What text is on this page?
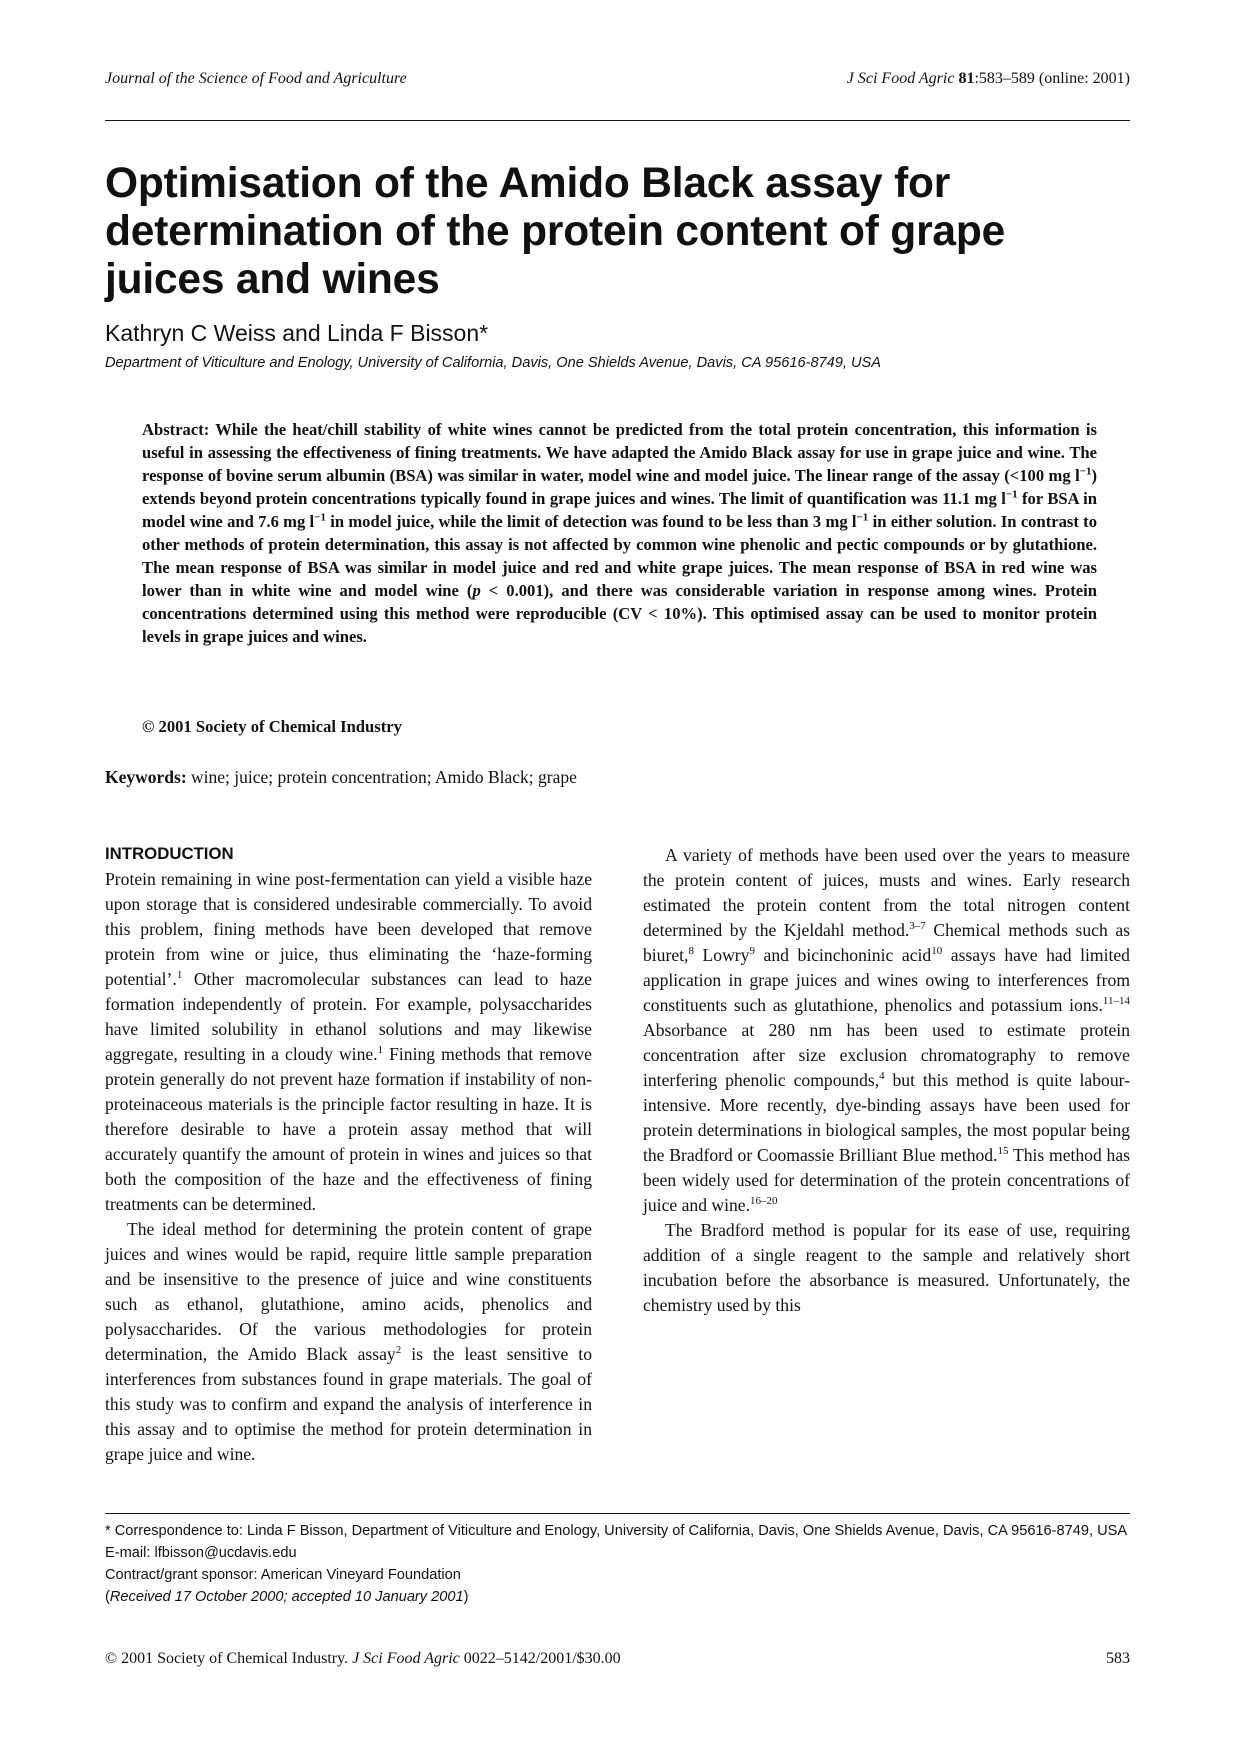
Journal of the Science of Food and Agriculture	J Sci Food Agric 81:583–589 (online: 2001)
Optimisation of the Amido Black assay for determination of the protein content of grape juices and wines
Kathryn C Weiss and Linda F Bisson*
Department of Viticulture and Enology, University of California, Davis, One Shields Avenue, Davis, CA 95616-8749, USA

Abstract: While the heat/chill stability of white wines cannot be predicted from the total protein concentration, this information is useful in assessing the effectiveness of fining treatments. We have adapted the Amido Black assay for use in grape juice and wine. The response of bovine serum albumin (BSA) was similar in water, model wine and model juice. The linear range of the assay (<100 mg $l^{-1}$) extends beyond protein concentrations typically found in grape juices and wines. The limit of quantification was 11.1 mg $l^{-1}$ for BSA in model wine and 7.6 mg $l^{-1}$ in model juice, while the limit of detection was found to be less than 3 mg $l^{-1}$ in either solution. In contrast to other methods of protein determination, this assay is not affected by common wine phenolic and pectic compounds or by glutathione. The mean response of BSA was similar in model juice and red and white grape juices. The mean response of BSA in red wine was lower than in white wine and model wine (p < 0.001), and there was considerable variation in response among wines. Protein concentrations determined using this method were reproducible (CV < 10%). This optimised assay can be used to monitor protein levels in grape juices and wines.

© 2001 Society of Chemical Industry
Keywords: wine; juice; protein concentration; Amido Black; grape
INTRODUCTION

Protein remaining in wine post-fermentation can yield a visible haze upon storage that is considered undesirable commercially. To avoid this problem, fining methods have been developed that remove protein from wine or juice, thus eliminating the ‘haze-forming potential’.$^1$ Other macromolecular substances can lead to haze formation independently of protein. For example, polysaccharides have limited solubility in ethanol solutions and may likewise aggregate, resulting in a cloudy wine.$^1$ Fining methods that remove protein generally do not prevent haze formation if instability of non-proteinaceous materials is the principle factor resulting in haze. It is therefore desirable to have a protein assay method that will accurately quantify the amount of protein in wines and juices so that both the composition of the haze and the effectiveness of fining treatments can be determined.

The ideal method for determining the protein content of grape juices and wines would be rapid, require little sample preparation and be insensitive to the presence of juice and wine constituents such as ethanol, glutathione, amino acids, phenolics and polysaccharides. Of the various methodologies for protein determination, the Amido Black assay$^2$ is the least sensitive to interferences from substances found in grape materials. The goal of this study was to confirm and expand the analysis of interference in this assay and to optimise the method for protein determination in grape juice and wine.

A variety of methods have been used over the years to measure the protein content of juices, musts and wines. Early research estimated the protein content from the total nitrogen content determined by the Kjeldahl method.$^{3-7}$ Chemical methods such as biuret,$^8$ Lowry$^9$ and bicinchoninic acid$^{10}$ assays have had limited application in grape juices and wines owing to interferences from constituents such as glutathione, phenolics and potassium ions.$^{11-14}$ Absorbance at 280 nm has been used to estimate protein concentration after size exclusion chromatography to remove interfering phenolic compounds,$^4$ but this method is quite labour-intensive. More recently, dye-binding assays have been used for protein determinations in biological samples, the most popular being the Bradford or Coomassie Brilliant Blue method.$^{15}$ This method has been widely used for determination of the protein concentrations of juice and wine.$^{16-20}$

The Bradford method is popular for its ease of use, requiring addition of a single reagent to the sample and relatively short incubation before the absorbance is measured. Unfortunately, the chemistry used by this

* Correspondence to: Linda F Bisson, Department of Viticulture and Enology, University of California, Davis, One Shields Avenue, Davis, CA 95616-8749, USA
E-mail: lfbisson@ucdavis.edu
Contract/grant sponsor: American Vineyard Foundation
(Received 17 October 2000; accepted 10 January 2001)
© 2001 Society of Chemical Industry. J Sci Food Agric 0022–5142/2001/$30.00	583
